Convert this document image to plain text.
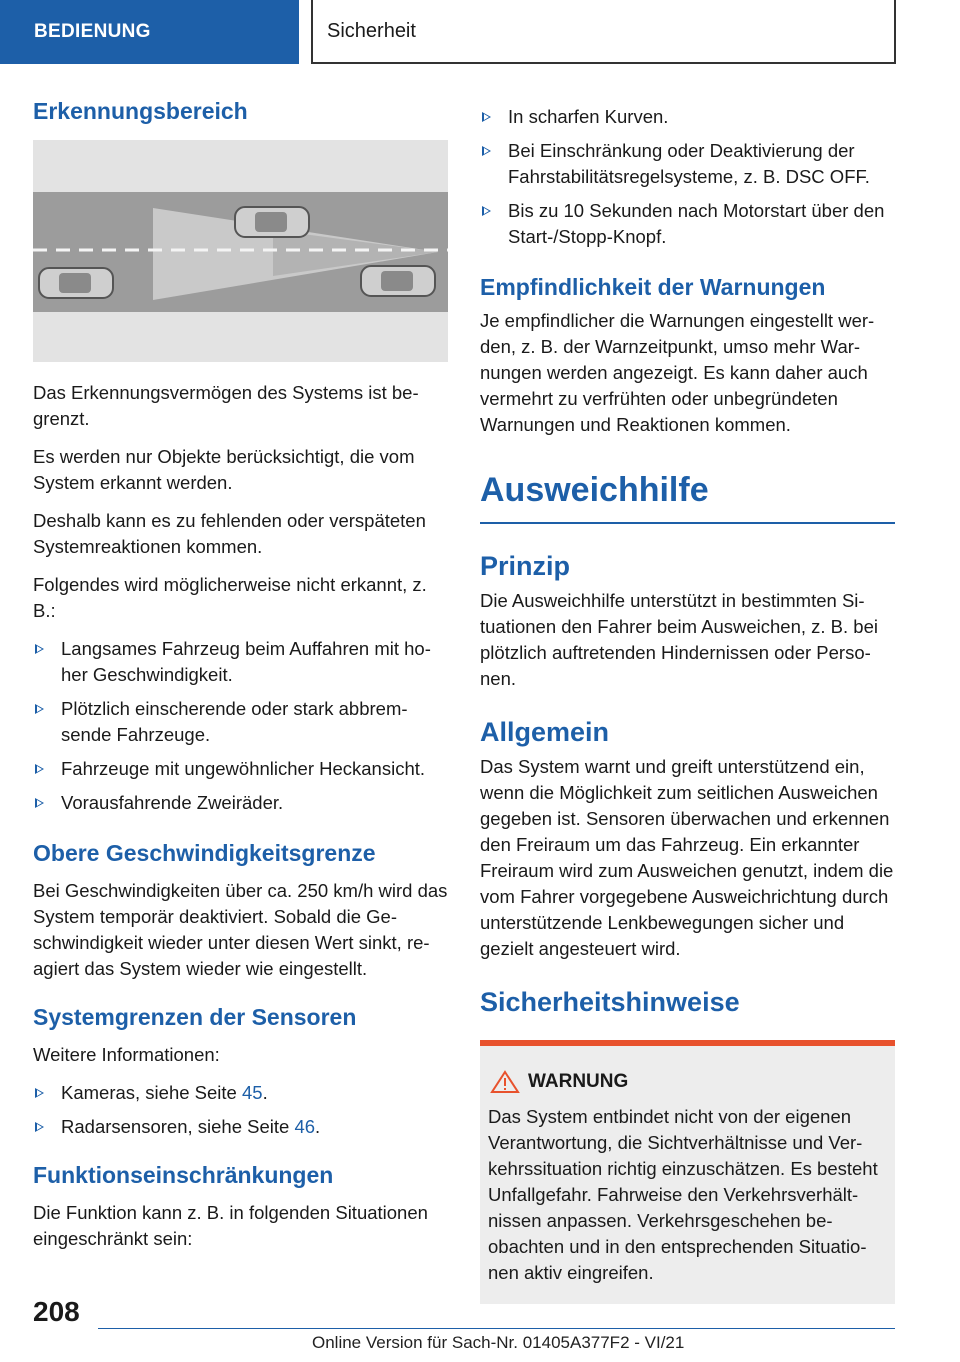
BEDIENUNG	Sicherheit
Erkennungsbereich

Das Erkennungsvermögen des Systems ist begrenzt.

Es werden nur Objekte berücksichtigt, die vom System erkannt werden.

Deshalb kann es zu fehlenden oder verspäteten Systemreaktionen kommen.

Folgendes wird möglicherweise nicht erkannt, z. B.:

Langsames Fahrzeug beim Auffahren mit hoher Geschwindigkeit.
Plötzlich einscherende oder stark abbremsende Fahrzeuge.
Fahrzeuge mit ungewöhnlicher Heckansicht.
Vorausfahrende Zweiräder.
Obere Geschwindigkeitsgrenze

Bei Geschwindigkeiten über ca. 250 km/h wird das System temporär deaktiviert. Sobald die Geschwindigkeit wieder unter diesen Wert sinkt, reagiert das System wieder wie eingestellt.

Systemgrenzen der Sensoren

Weitere Informationen:

Kameras, siehe Seite 45.
Radarsensoren, siehe Seite 46.
Funktionseinschränkungen

Die Funktion kann z. B. in folgenden Situationen eingeschränkt sein:

In scharfen Kurven.
Bei Einschränkung oder Deaktivierung der Fahrstabilitätsregelsysteme, z. B. DSC OFF.
Bis zu 10 Sekunden nach Motorstart über den Start-/Stopp-Knopf.
Empfindlichkeit der Warnungen

Je empfindlicher die Warnungen eingestellt werden, z. B. der Warnzeitpunkt, umso mehr Warnungen werden angezeigt. Es kann daher auch vermehrt zu verfrühten oder unbegründeten Warnungen und Reaktionen kommen.

Ausweichhilfe
Prinzip

Die Ausweichhilfe unterstützt in bestimmten Situationen den Fahrer beim Ausweichen, z. B. bei plötzlich auftretenden Hindernissen oder Personen.

Allgemein

Das System warnt und greift unterstützend ein, wenn die Möglichkeit zum seitlichen Ausweichen gegeben ist. Sensoren überwachen und erkennen den Freiraum um das Fahrzeug. Ein erkannter Freiraum wird zum Ausweichen genutzt, indem die vom Fahrer vorgegebene Ausweichrichtung durch unterstützende Lenkbewegungen sicher und gezielt angesteuert wird.

Sicherheitshinweise
WARNUNG

Das System entbindet nicht von der eigenen Verantwortung, die Sichtverhältnisse und Verkehrssituation richtig einzuschätzen. Es besteht Unfallgefahr. Fahrweise den Verkehrsverhältnissen anpassen. Verkehrsgeschehen beobachten und in den entsprechenden Situationen aktiv eingreifen.

208
Online Version für Sach-Nr. 01405A377F2 - VI/21
